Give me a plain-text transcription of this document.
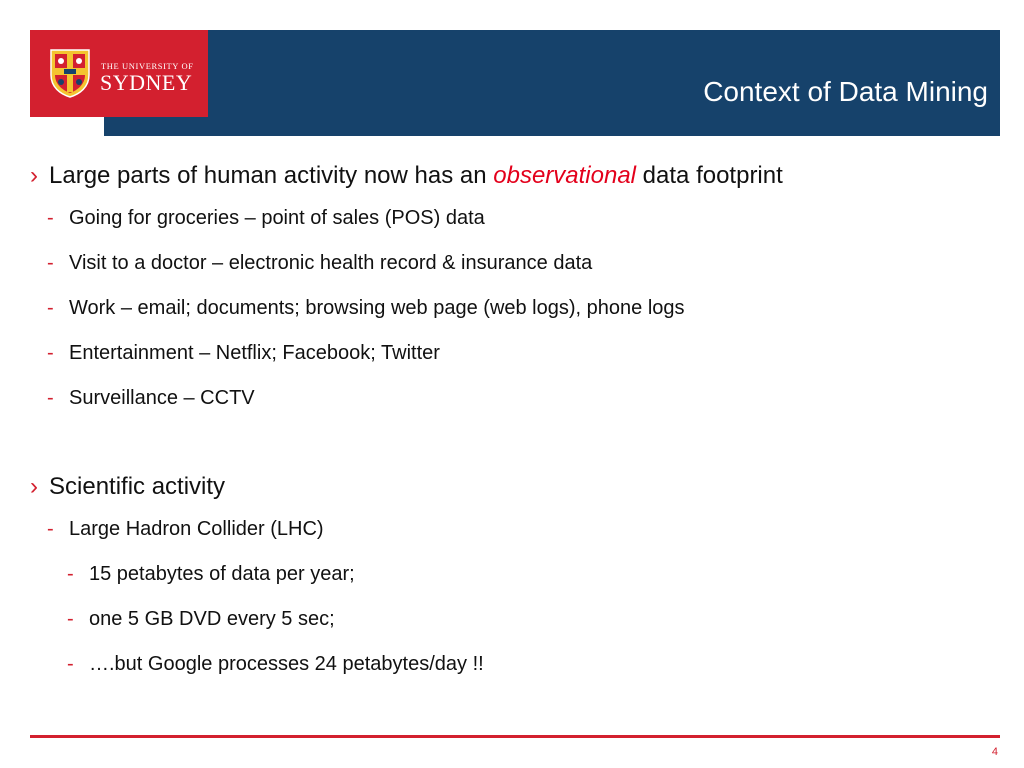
THE UNIVERSITY OF
SYDNEY	Context of Data Mining
› Large parts of human activity now has an observational data footprint
- Going for groceries – point of sales (POS) data
- Visit to a doctor – electronic health record & insurance data
- Work – email; documents; browsing web page (web logs), phone logs
- Entertainment – Netflix; Facebook; Twitter
- Surveillance – CCTV
› Scientific activity
- Large Hadron Collider (LHC)
- 15 petabytes of data per year;
- one 5 GB DVD every 5 sec;
- ….but Google processes 24 petabytes/day !!
4
